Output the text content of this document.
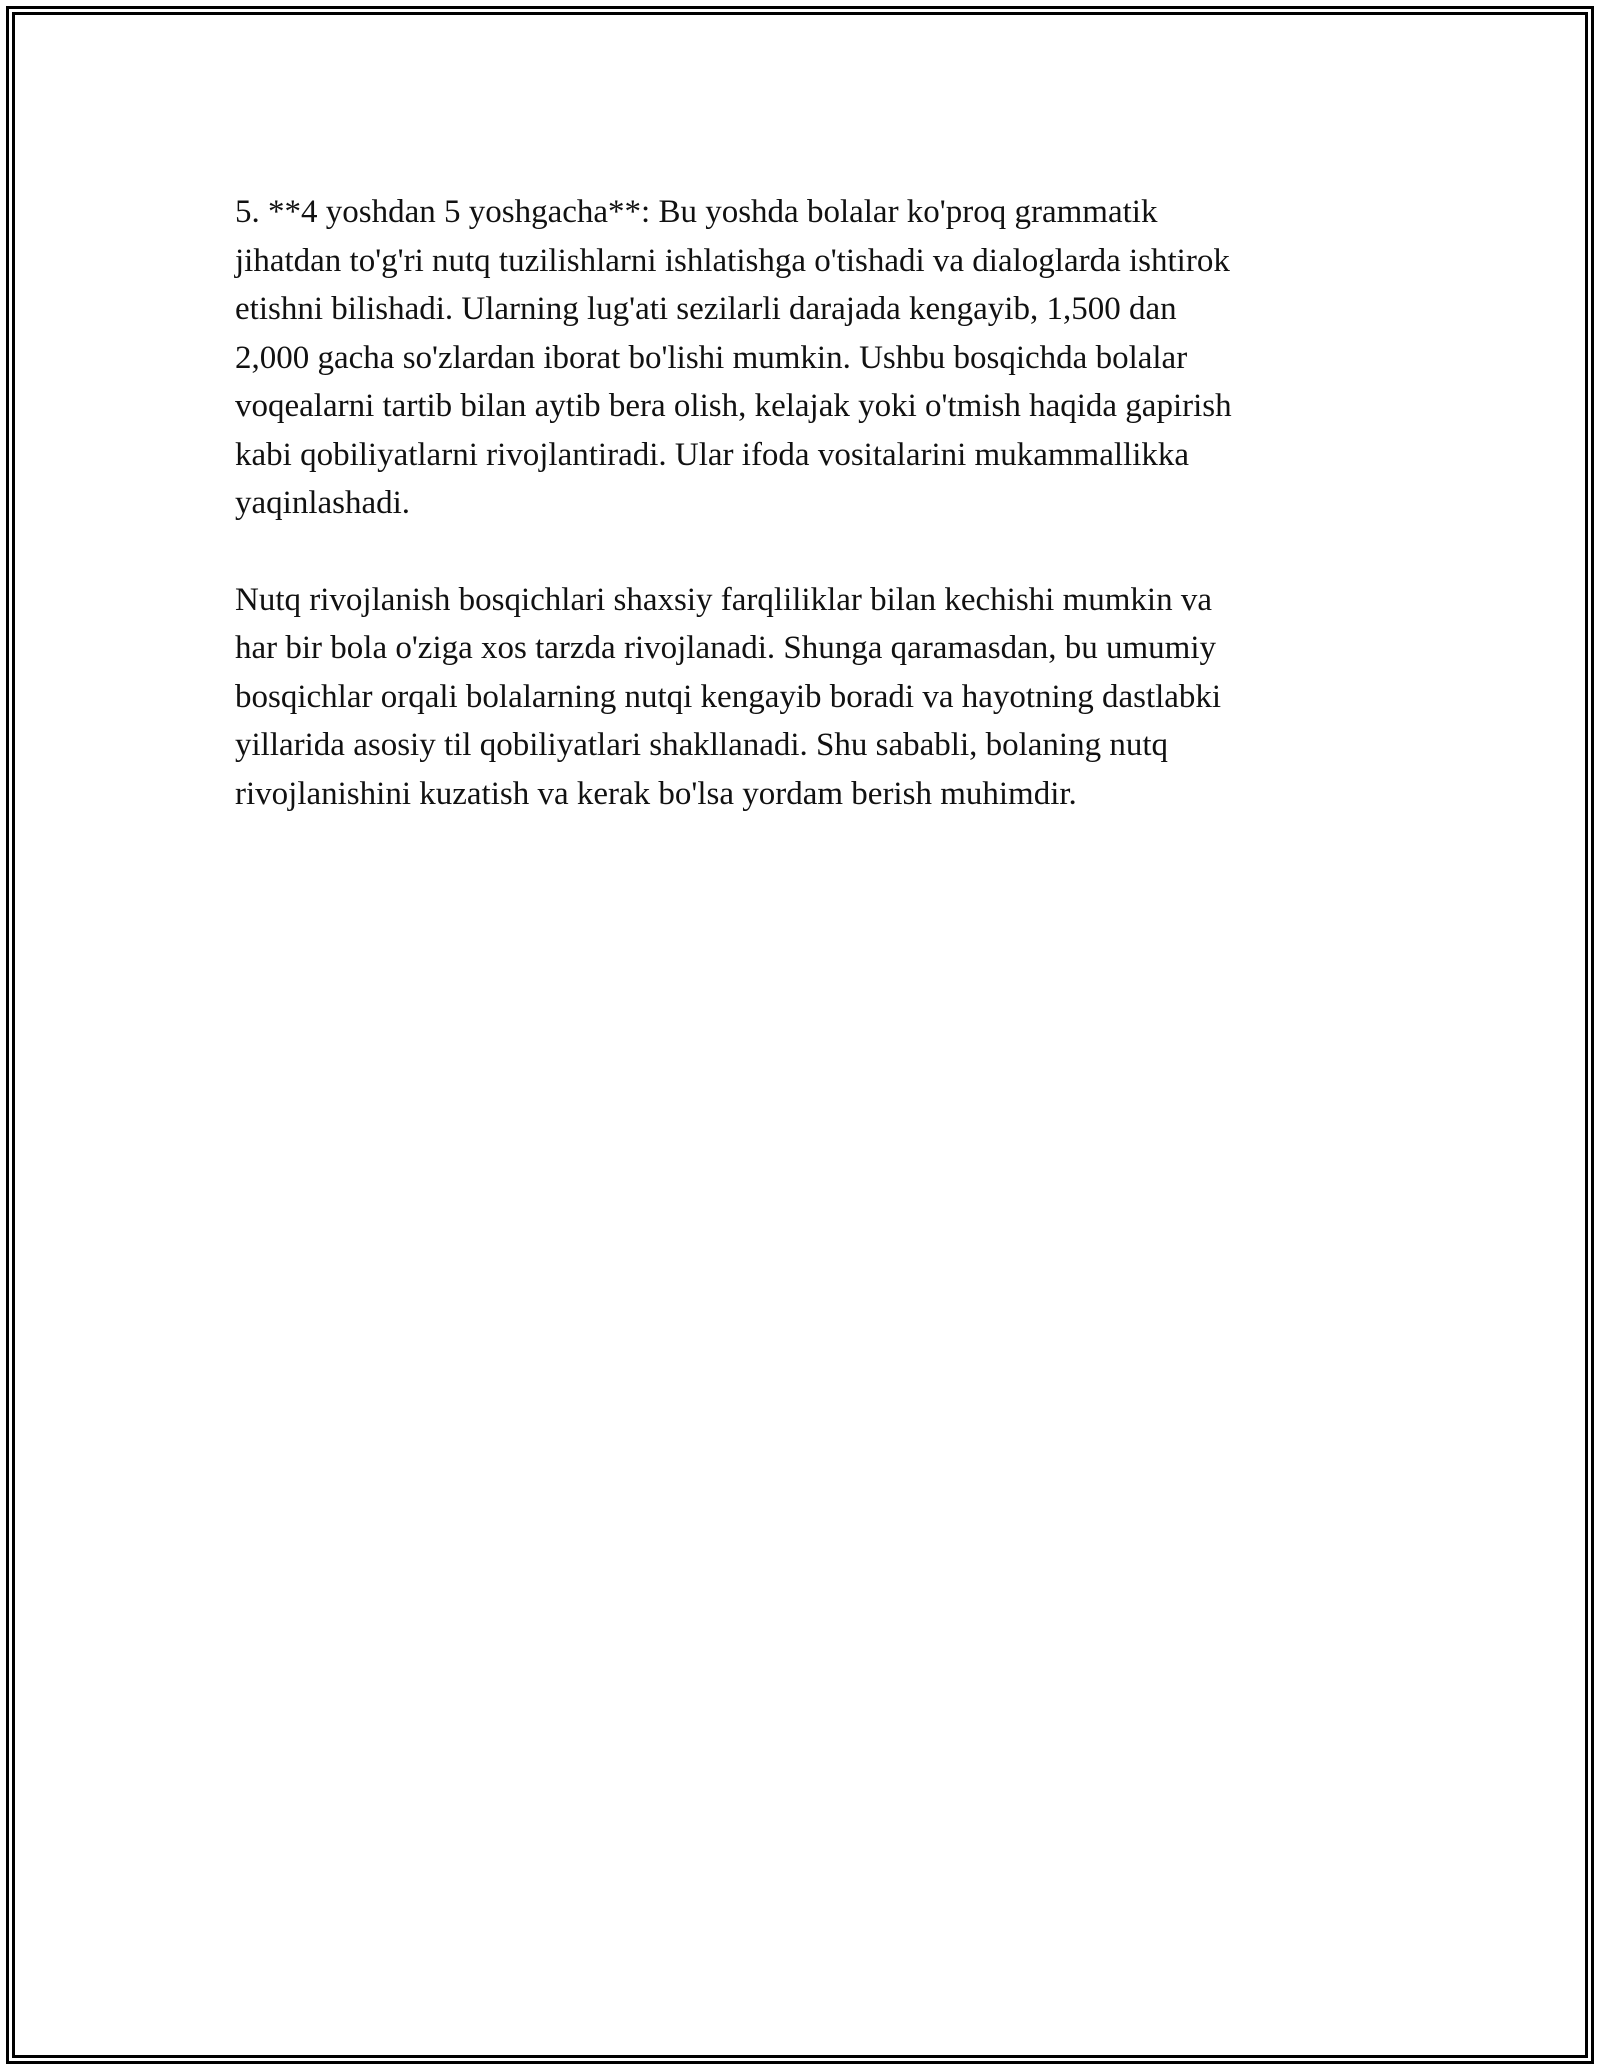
5. **4 yoshdan 5 yoshgacha**: Bu yoshda bolalar ko'proq grammatik
jihatdan to'g'ri nutq tuzilishlarni ishlatishga o'tishadi va dialoglarda ishtirok
etishni bilishadi. Ularning lug'ati sezilarli darajada kengayib, 1,500 dan
2,000 gacha so'zlardan iborat bo'lishi mumkin. Ushbu bosqichda bolalar
voqealarni tartib bilan aytib bera olish, kelajak yoki o'tmish haqida gapirish
kabi qobiliyatlarni rivojlantiradi. Ular ifoda vositalarini mukammallikka
yaqinlashadi.

Nutq rivojlanish bosqichlari shaxsiy farqliliklar bilan kechishi mumkin va
har bir bola o'ziga xos tarzda rivojlanadi. Shunga qaramasdan, bu umumiy
bosqichlar orqali bolalarning nutqi kengayib boradi va hayotning dastlabki
yillarida asosiy til qobiliyatlari shakllanadi. Shu sababli, bolaning nutq
rivojlanishini kuzatish va kerak bo'lsa yordam berish muhimdir.
